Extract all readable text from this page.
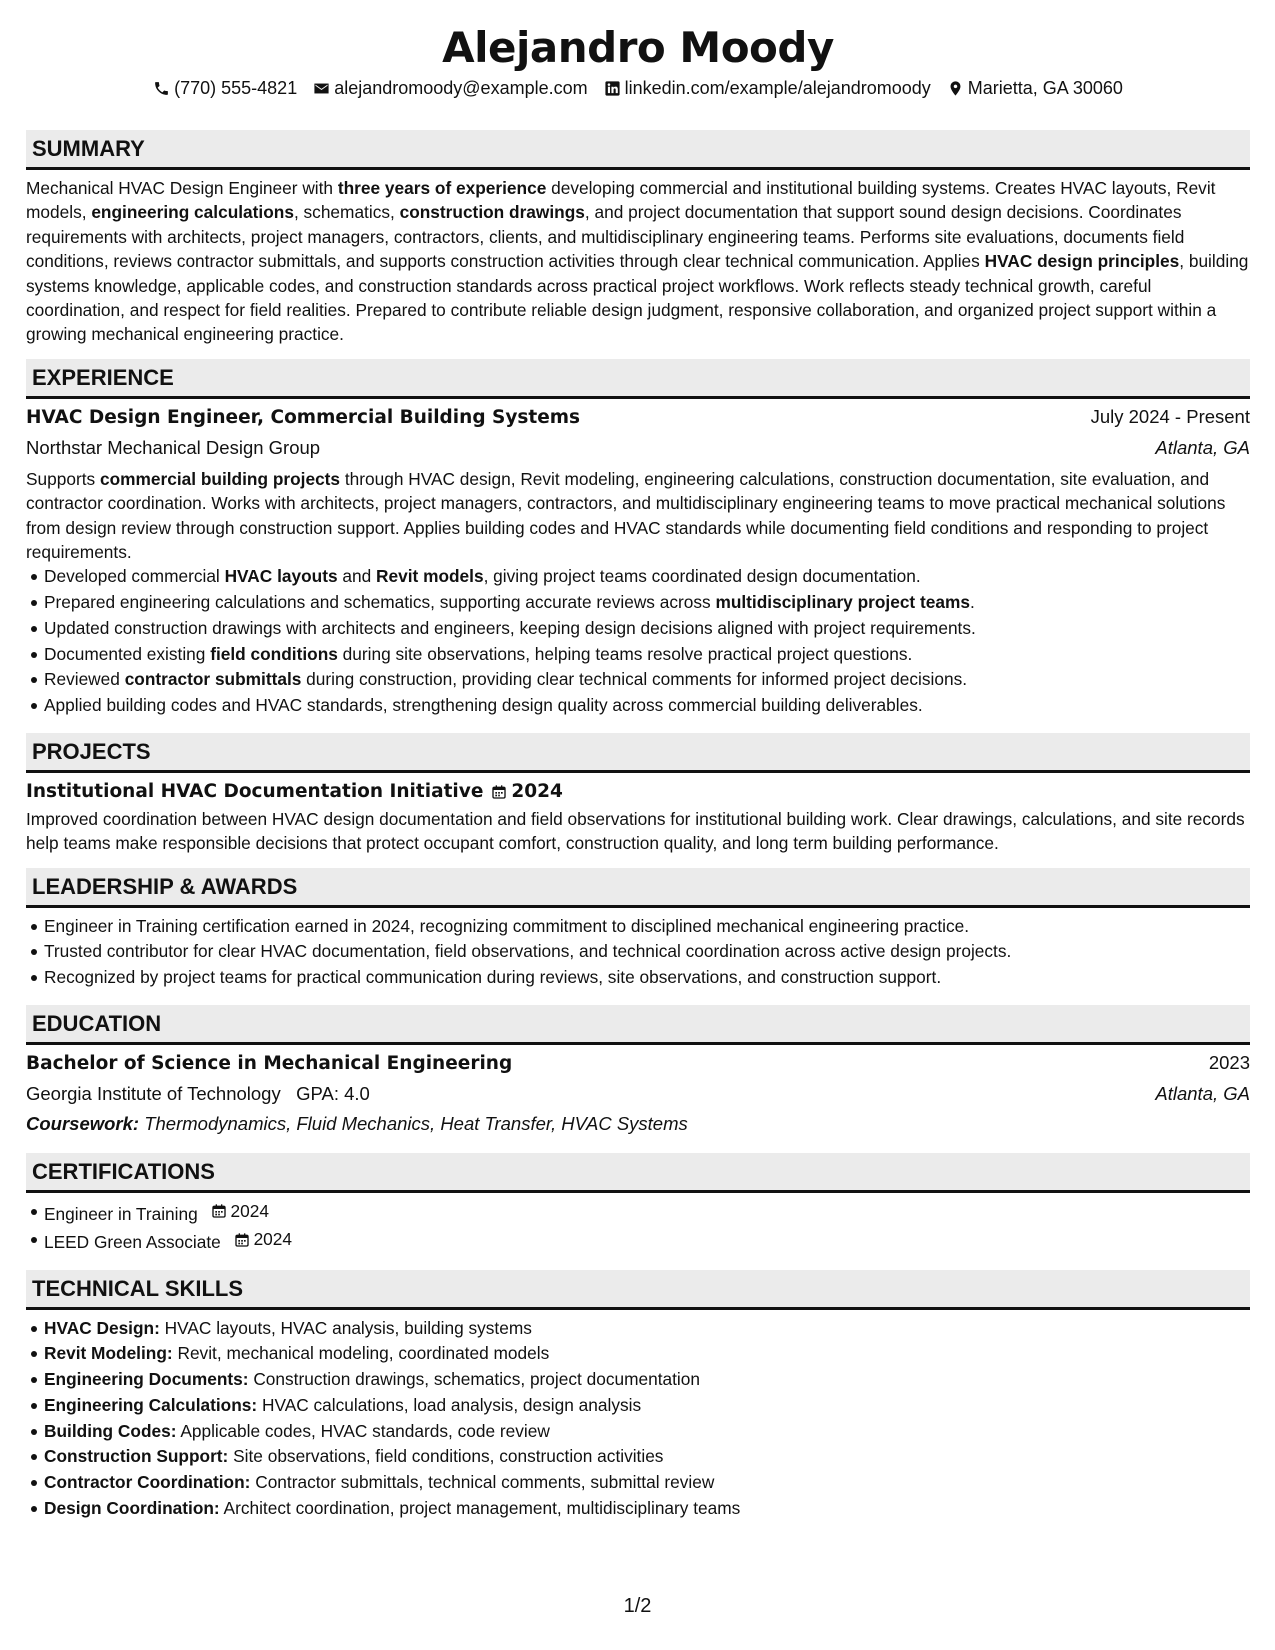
Alejandro Moody
(770) 555-4821 alejandromoody@example.com linkedin.com/example/alejandromoody Marietta, GA 30060
SUMMARY

Mechanical HVAC Design Engineer with three years of experience developing commercial and institutional building systems. Creates HVAC layouts, Revit models, engineering calculations, schematics, construction drawings, and project documentation that support sound design decisions. Coordinates requirements with architects, project managers, contractors, clients, and multidisciplinary engineering teams. Performs site evaluations, documents field conditions, reviews contractor submittals, and supports construction activities through clear technical communication. Applies HVAC design principles, building systems knowledge, applicable codes, and construction standards across practical project workflows. Work reflects steady technical growth, careful coordination, and respect for field realities. Prepared to contribute reliable design judgment, responsive collaboration, and organized project support within a growing mechanical engineering practice.

EXPERIENCE
HVAC Design Engineer, Commercial Building Systems	July 2024 - Present
Northstar Mechanical Design Group	Atlanta, GA

Supports commercial building projects through HVAC design, Revit modeling, engineering calculations, construction documentation, site evaluation, and contractor coordination. Works with architects, project managers, contractors, and multidisciplinary engineering teams to move practical mechanical solutions from design review through construction support. Applies building codes and HVAC standards while documenting field conditions and responding to project requirements.

Developed commercial HVAC layouts and Revit models, giving project teams coordinated design documentation.
Prepared engineering calculations and schematics, supporting accurate reviews across multidisciplinary project teams.
Updated construction drawings with architects and engineers, keeping design decisions aligned with project requirements.
Documented existing field conditions during site observations, helping teams resolve practical project questions.
Reviewed contractor submittals during construction, providing clear technical comments for informed project decisions.
Applied building codes and HVAC standards, strengthening design quality across commercial building deliverables.
PROJECTS
Institutional HVAC Documentation Initiative 2024

Improved coordination between HVAC design documentation and field observations for institutional building work. Clear drawings, calculations, and site records help teams make responsible decisions that protect occupant comfort, construction quality, and long term building performance.

LEADERSHIP & AWARDS
Engineer in Training certification earned in 2024, recognizing commitment to disciplined mechanical engineering practice.
Trusted contributor for clear HVAC documentation, field observations, and technical coordination across active design projects.
Recognized by project teams for practical communication during reviews, site observations, and construction support.
EDUCATION
Bachelor of Science in Mechanical Engineering	2023
Georgia Institute of Technology GPA: 4.0	Atlanta, GA
Coursework: Thermodynamics, Fluid Mechanics, Heat Transfer, HVAC Systems
CERTIFICATIONS
Engineer in Training 2024
LEED Green Associate 2024
TECHNICAL SKILLS
HVAC Design: HVAC layouts, HVAC analysis, building systems
Revit Modeling: Revit, mechanical modeling, coordinated models
Engineering Documents: Construction drawings, schematics, project documentation
Engineering Calculations: HVAC calculations, load analysis, design analysis
Building Codes: Applicable codes, HVAC standards, code review
Construction Support: Site observations, field conditions, construction activities
Contractor Coordination: Contractor submittals, technical comments, submittal review
Design Coordination: Architect coordination, project management, multidisciplinary teams
1/2
